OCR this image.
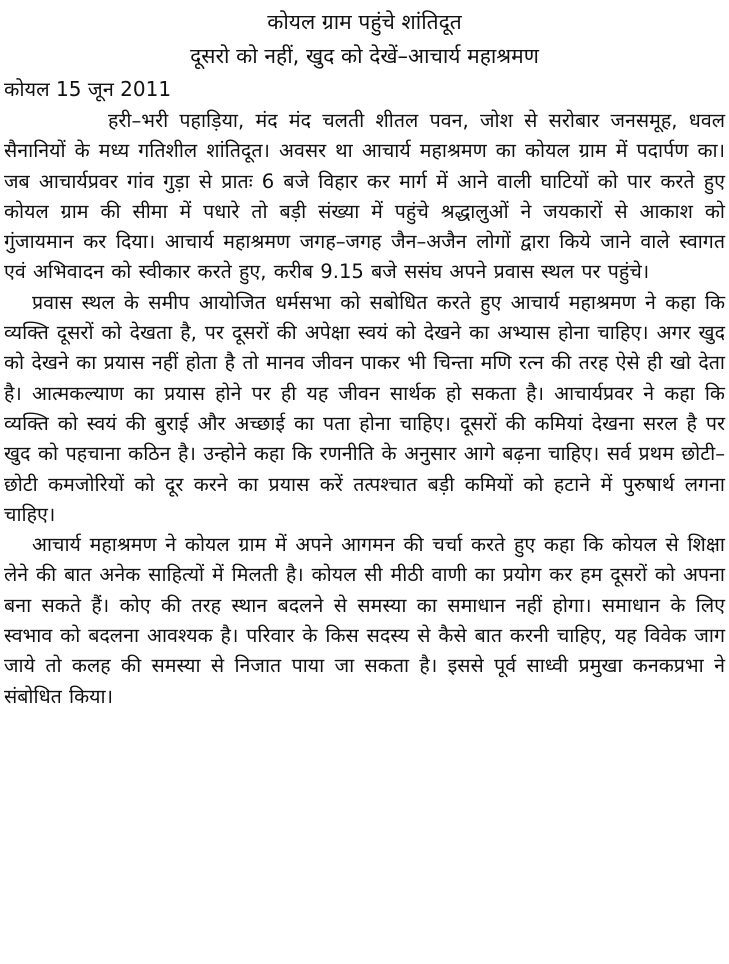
कोयल ग्राम पहुंचे शांतिदूत
दूसरो को नहीं, खुद को देखें–आचार्य महाश्रमण

कोयल 15 जून 2011

हरी–भरी पहाड़िया, मंद मंद चलती शीतल पवन, जोश से सरोबार जनसमूह, धवल सैनानियों के मध्य गतिशील शांतिदूत। अवसर था आचार्य महाश्रमण का कोयल ग्राम में पदार्पण का। जब आचार्यप्रवर गांव गुड़ा से प्रातः 6 बजे विहार कर मार्ग में आने वाली घाटियों को पार करते हुए कोयल ग्राम की सीमा में पधारे तो बड़ी संख्या में पहुंचे श्रद्धालुओं ने जयकारों से आकाश को गुंजायमान कर दिया। आचार्य महाश्रमण जगह–जगह जैन–अजैन लोगों द्वारा किये जाने वाले स्वागत एवं अभिवादन को स्वीकार करते हुए, करीब 9.15 बजे ससंघ अपने प्रवास स्थल पर पहुंचे।

प्रवास स्थल के समीप आयोजित धर्मसभा को सबोधित करते हुए आचार्य महाश्रमण ने कहा कि व्यक्ति दूसरों को देखता है, पर दूसरों की अपेक्षा स्वयं को देखने का अभ्यास होना चाहिए। अगर खुद को देखने का प्रयास नहीं होता है तो मानव जीवन पाकर भी चिन्ता मणि रत्न की तरह ऐसे ही खो देता है। आत्मकल्याण का प्रयास होने पर ही यह जीवन सार्थक हो सकता है। आचार्यप्रवर ने कहा कि व्यक्ति को स्वयं की बुराई और अच्छाई का पता होना चाहिए। दूसरों की कमियां देखना सरल है पर खुद को पहचाना कठिन है। उन्होने कहा कि रणनीति के अनुसार आगे बढ़ना चाहिए। सर्व प्रथम छोटी–छोटी कमजोरियों को दूर करने का प्रयास करें तत्पश्चात बड़ी कमियों को हटाने में पुरुषार्थ लगना चाहिए।

आचार्य महाश्रमण ने कोयल ग्राम में अपने आगमन की चर्चा करते हुए कहा कि कोयल से शिक्षा लेने की बात अनेक साहित्यों में मिलती है। कोयल सी मीठी वाणी का प्रयोग कर हम दूसरों को अपना बना सकते हैं। कोए की तरह स्थान बदलने से समस्या का समाधान नहीं होगा। समाधान के लिए स्वभाव को बदलना आवश्यक है। परिवार के किस सदस्य से कैसे बात करनी चाहिए, यह विवेक जाग जाये तो कलह की समस्या से निजात पाया जा सकता है। इससे पूर्व साध्वी प्रमुखा कनकप्रभा ने संबोधित किया।
